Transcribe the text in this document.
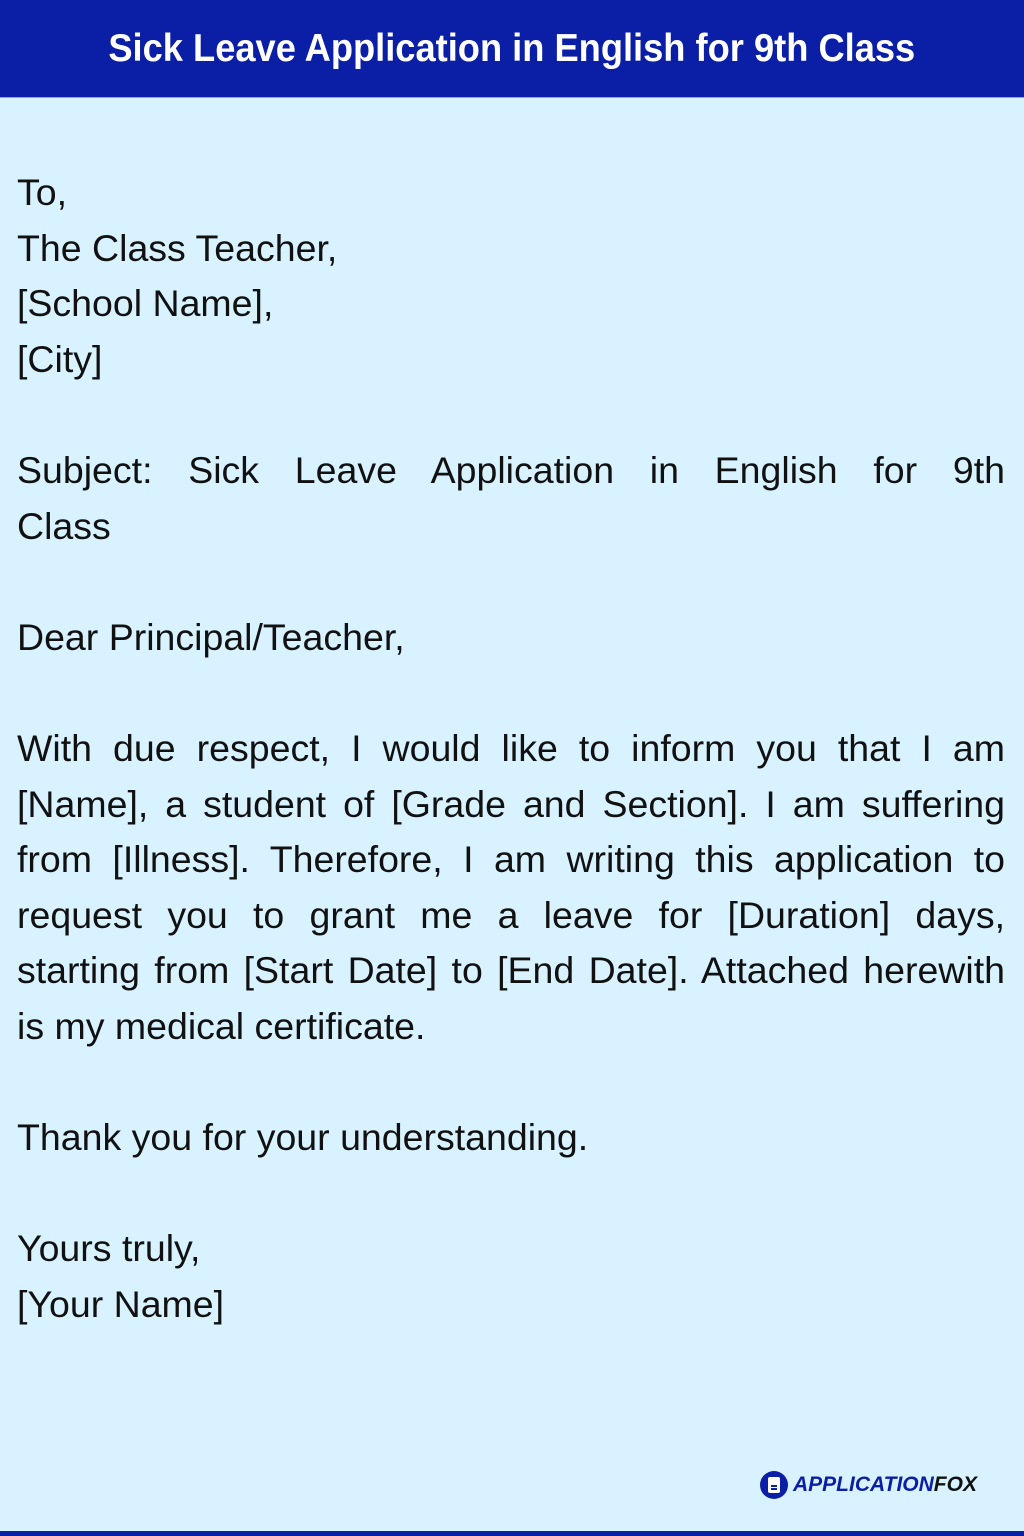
Sick Leave Application in English for 9th Class
To,
The Class Teacher,
[School Name],
[City]
Subject: Sick Leave Application in English for 9th
Class
Dear Principal/Teacher,

With due respect, I would like to inform you that I am [Name], a student of [Grade and Section]. I am suffering from [Illness]. Therefore, I am writing this application to request you to grant me a leave for [Duration] days, starting from [Start Date] to [End Date]. Attached herewith is my medical certificate.

Thank you for your understanding.
Yours truly,
[Your Name]
APPLICATIONFOX
